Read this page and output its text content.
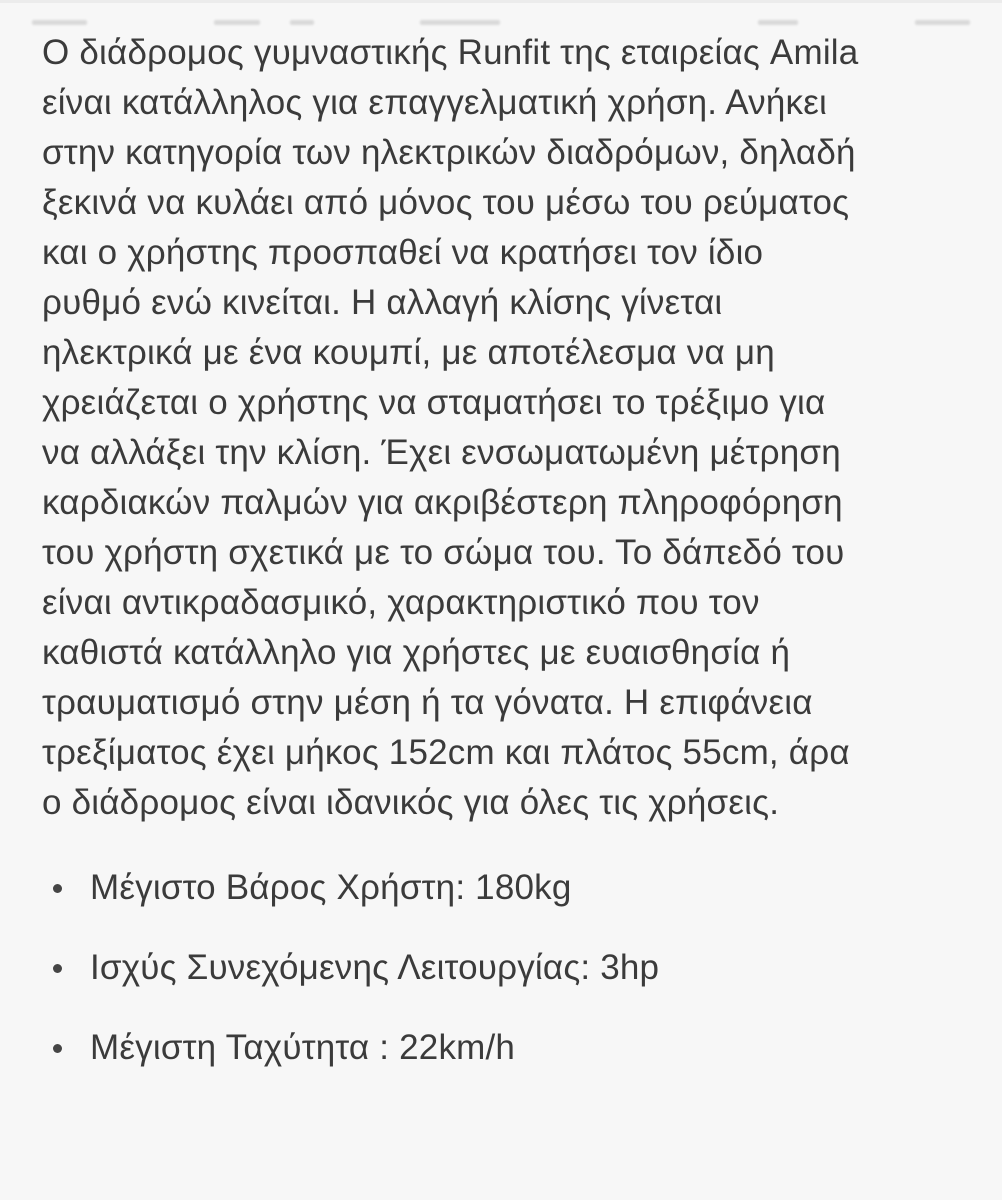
Ο διάδρομος γυμναστικής Runfit της εταιρείας Amila
είναι κατάλληλος για επαγγελματική χρήση. Ανήκει
στην κατηγορία των ηλεκτρικών διαδρόμων, δηλαδή
ξεκινά να κυλάει από μόνος του μέσω του ρεύματος
και ο χρήστης προσπαθεί να κρατήσει τον ίδιο
ρυθμό ενώ κινείται. Η αλλαγή κλίσης γίνεται
ηλεκτρικά με ένα κουμπί, με αποτέλεσμα να μη
χρειάζεται ο χρήστης να σταματήσει το τρέξιμο για
να αλλάξει την κλίση. Έχει ενσωματωμένη μέτρηση
καρδιακών παλμών για ακριβέστερη πληροφόρηση
του χρήστη σχετικά με το σώμα του. Το δάπεδό του
είναι αντικραδασμικό, χαρακτηριστικό που τον
καθιστά κατάλληλο για χρήστες με ευαισθησία ή
τραυματισμό στην μέση ή τα γόνατα. Η επιφάνεια
τρεξίματος έχει μήκος 152cm και πλάτος 55cm, άρα
ο διάδρομος είναι ιδανικός για όλες τις χρήσεις.
Μέγιστο Βάρος Χρήστη: 180kg
Ισχύς Συνεχόμενης Λειτουργίας: 3hp
Μέγιστη Ταχύτητα : 22km/h
